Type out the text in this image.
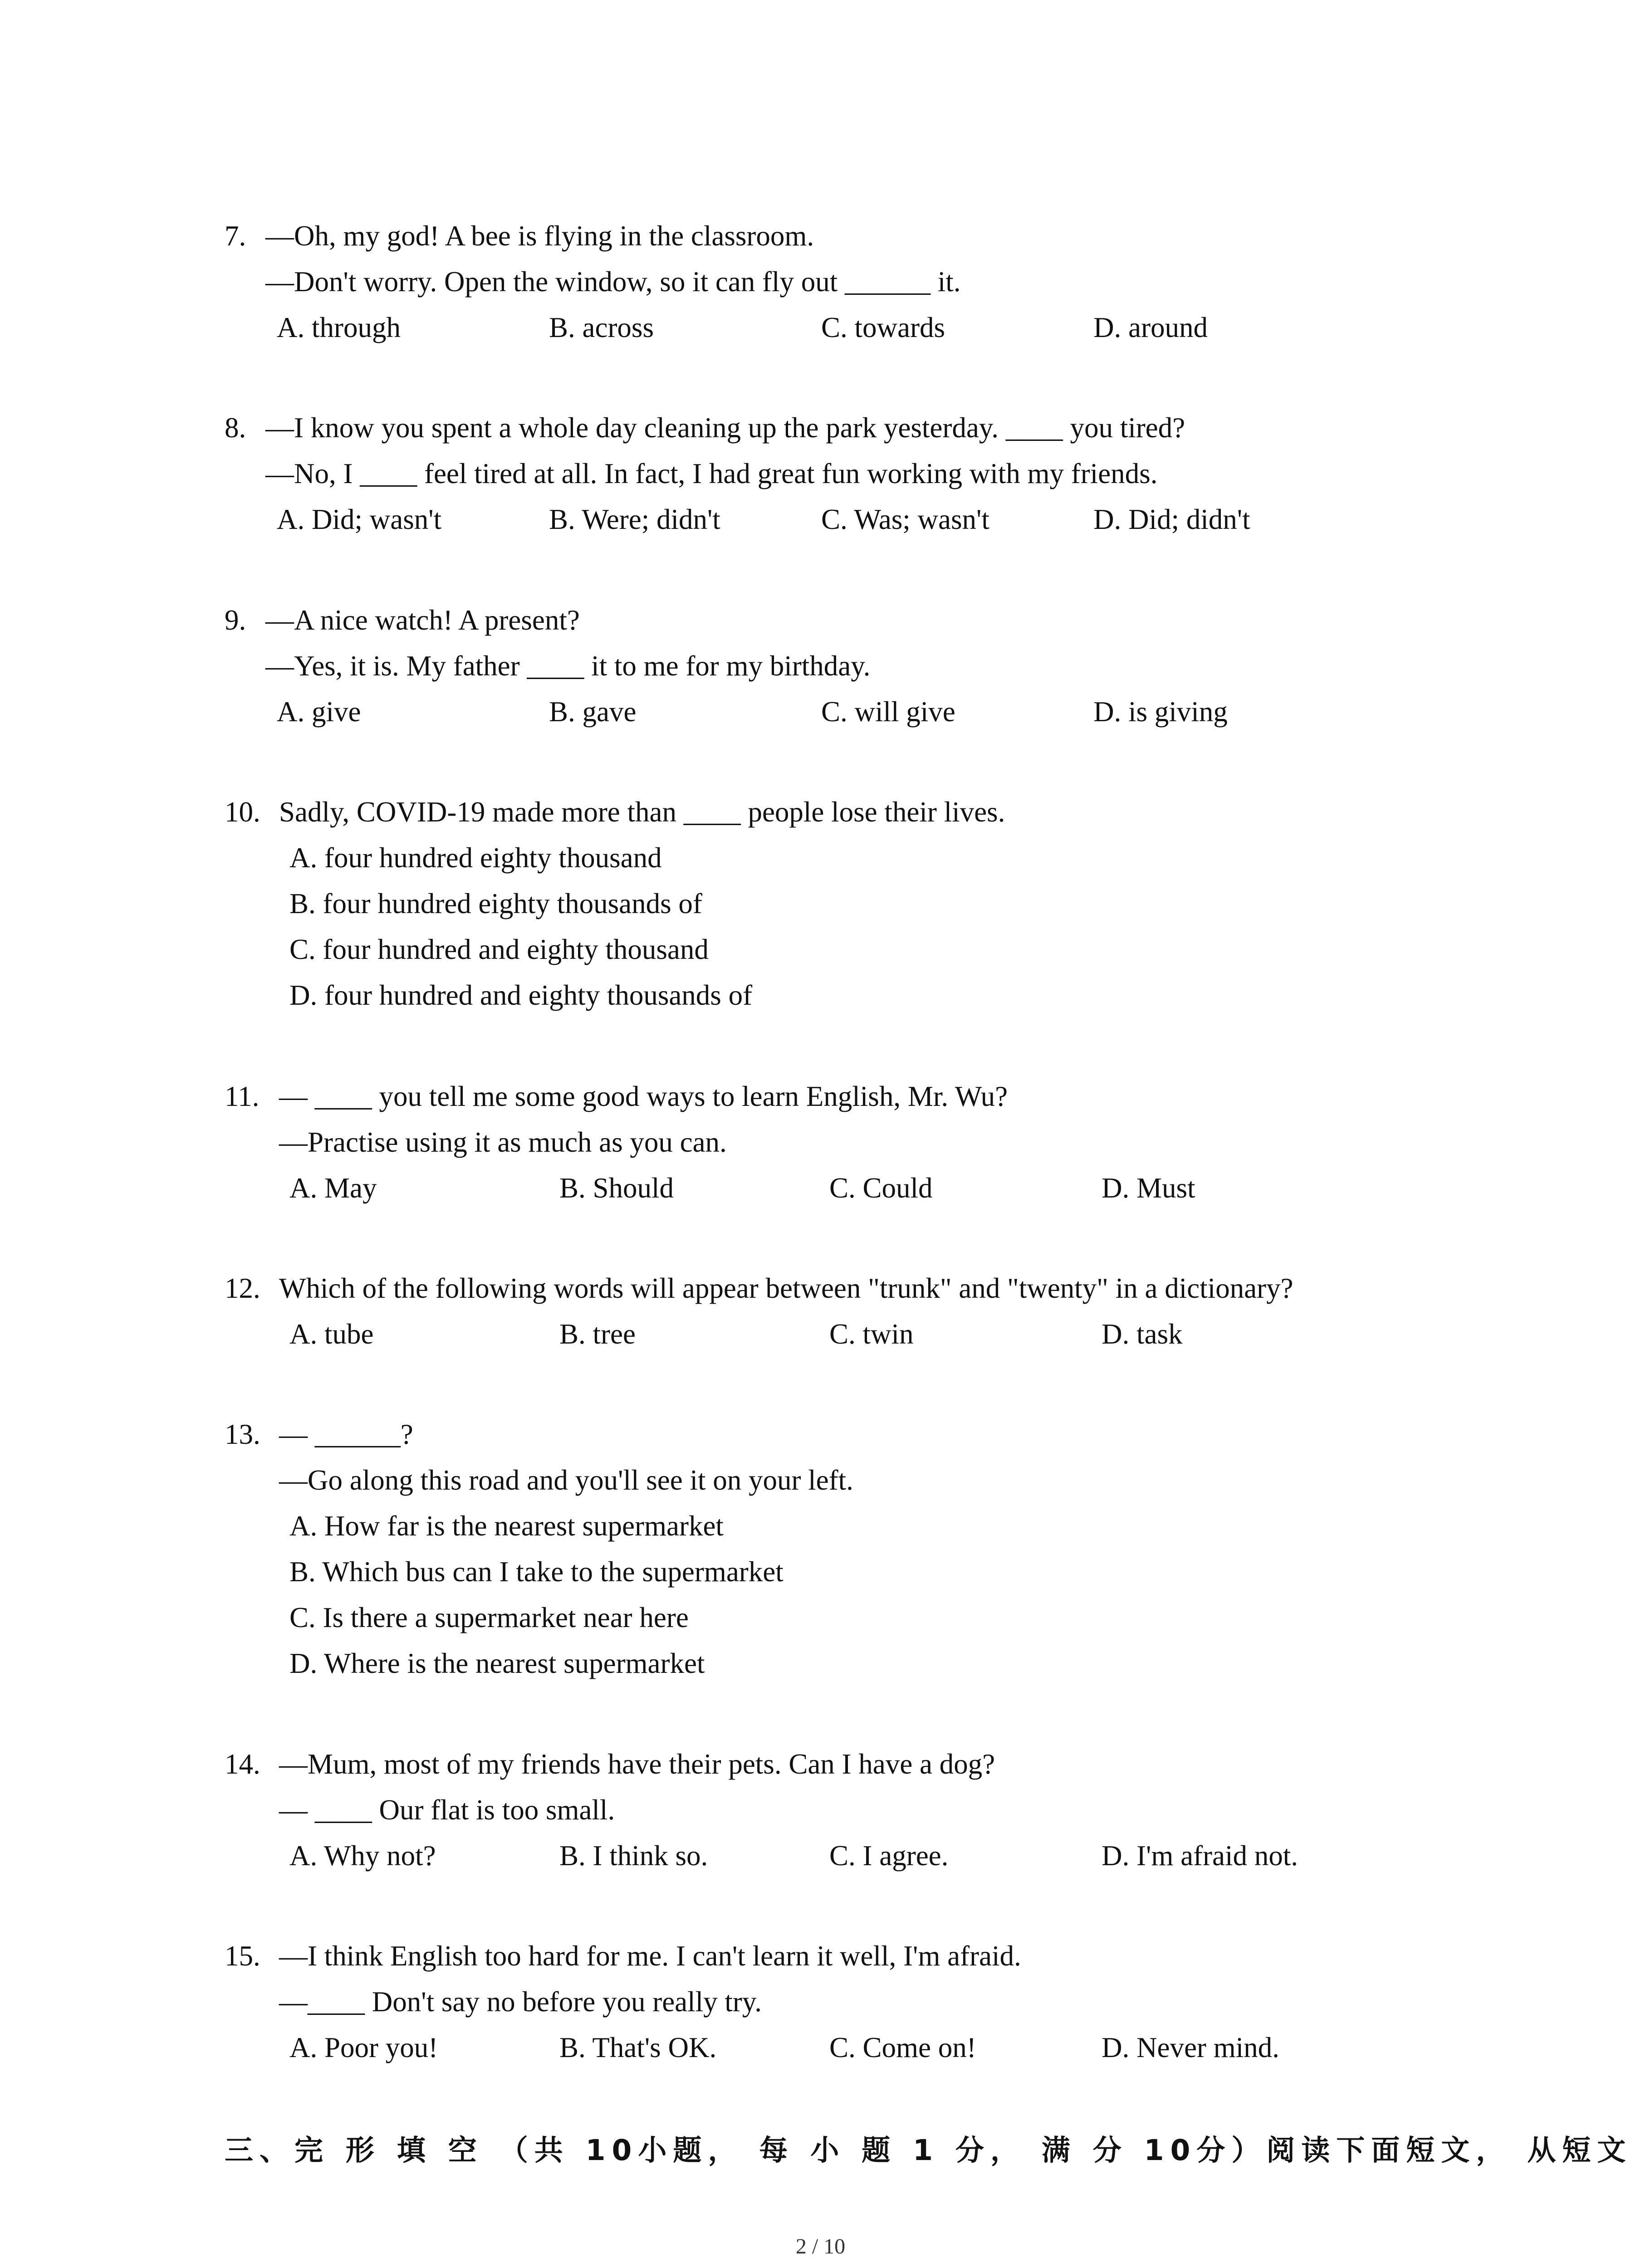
7. —Oh, my god! A bee is flying in the classroom.
—Don't worry. Open the window, so it can fly out ______ it.
A. through	B. across	C. towards	D. around
8. —I know you spent a whole day cleaning up the park yesterday. ____ you tired?
—No, I ____ feel tired at all. In fact, I had great fun working with my friends.
A. Did; wasn't	B. Were; didn't	C. Was; wasn't	D. Did; didn't
9. —A nice watch! A present?
—Yes, it is. My father ____ it to me for my birthday.
A. give	B. gave	C. will give	D. is giving
10. Sadly, COVID-19 made more than ____ people lose their lives.
A. four hundred eighty thousand
B. four hundred eighty thousands of
C. four hundred and eighty thousand
D. four hundred and eighty thousands of
11. — ____ you tell me some good ways to learn English, Mr. Wu?
—Practise using it as much as you can.
A. May	B. Should	C. Could	D. Must
12. Which of the following words will appear between "trunk" and "twenty" in a dictionary?
A. tube	B. tree	C. twin	D. task
13. — ______?
—Go along this road and you'll see it on your left.
A. How far is the nearest supermarket
B. Which bus can I take to the supermarket
C. Is there a supermarket near here
D. Where is the nearest supermarket
14. —Mum, most of my friends have their pets. Can I have a dog?
— ____ Our flat is too small.
A. Why not?	B. I think so.	C. I agree.	D. I'm afraid not.
15. —I think English too hard for me. I can't learn it well, I'm afraid.
—____ Don't say no before you really try.
A. Poor you!	B. That's OK.	C. Come on!	D. Never mind.
三、完 形 填 空 （共 10小题， 每 小 题 1 分， 满 分 10分）阅读下面短文， 从短文
2 / 10
